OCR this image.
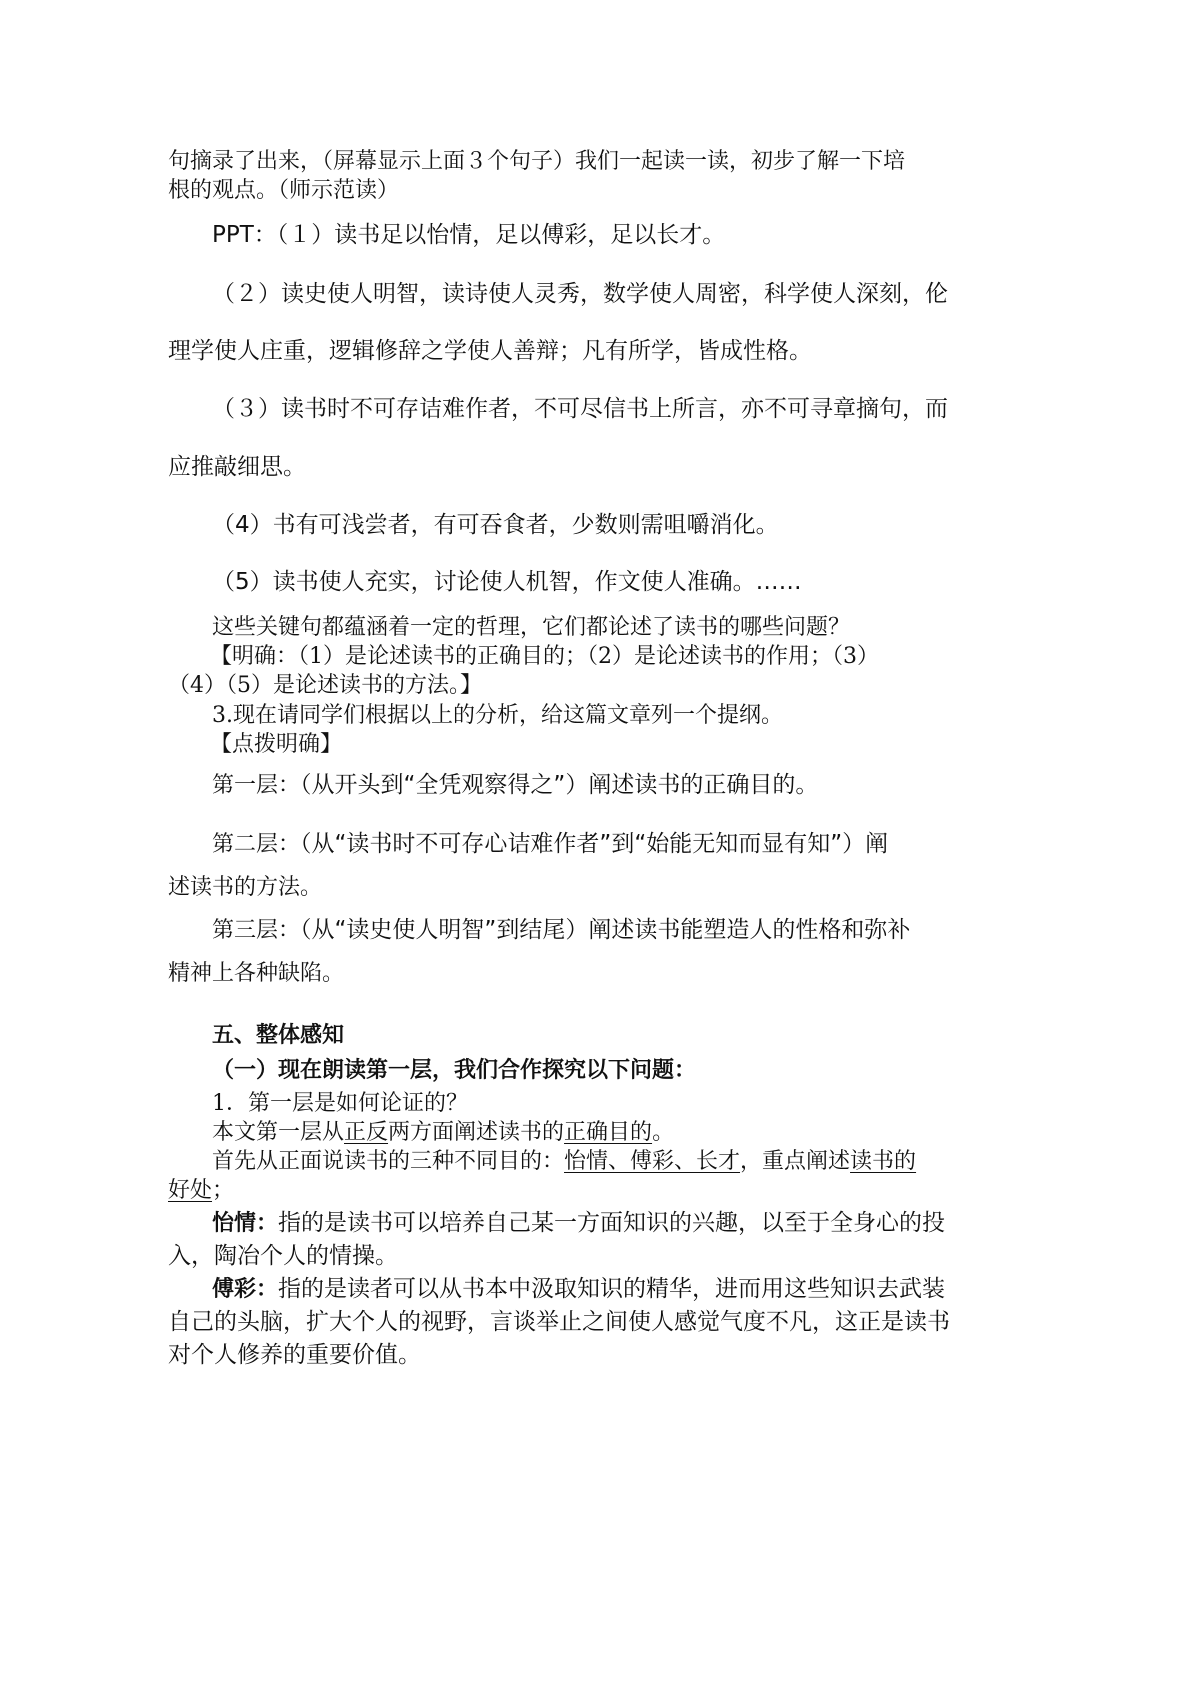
句摘录了出来，（屏幕显示上面３个句子）我们一起读一读，初步了解一下培
根的观点。（师示范读）
PPT：（１）读书足以怡情，足以傅彩，足以长才。
（２）读史使人明智，读诗使人灵秀，数学使人周密，科学使人深刻，伦
理学使人庄重，逻辑修辞之学使人善辩；凡有所学，皆成性格。
（３）读书时不可存诘难作者，不可尽信书上所言，亦不可寻章摘句，而
应推敲细思。
（4）书有可浅尝者，有可吞食者，少数则需咀嚼消化。
（5）读书使人充实，讨论使人机智，作文使人准确。……
这些关键句都蕴涵着一定的哲理，它们都论述了读书的哪些问题？
【明确：（1）是论述读书的正确目的；（2）是论述读书的作用；（3）
（4）（5）是论述读书的方法。】
3.现在请同学们根据以上的分析，给这篇文章列一个提纲。
【点拨明确】
第一层：（从开头到“全凭观察得之”）阐述读书的正确目的。
第二层：（从“读书时不可存心诘难作者”到“始能无知而显有知”）阐
述读书的方法。
第三层：（从“读史使人明智”到结尾）阐述读书能塑造人的性格和弥补
精神上各种缺陷。
五、整体感知
（一）现在朗读第一层，我们合作探究以下问题：
1．第一层是如何论证的？
本文第一层从正反两方面阐述读书的正确目的。
首先从正面说读书的三种不同目的：怡情、傅彩、长才，重点阐述读书的
好处；
怡情：指的是读书可以培养自己某一方面知识的兴趣，以至于全身心的投
入，陶冶个人的情操。
傅彩：指的是读者可以从书本中汲取知识的精华，进而用这些知识去武装
自己的头脑，扩大个人的视野，言谈举止之间使人感觉气度不凡，这正是读书
对个人修养的重要价值。
